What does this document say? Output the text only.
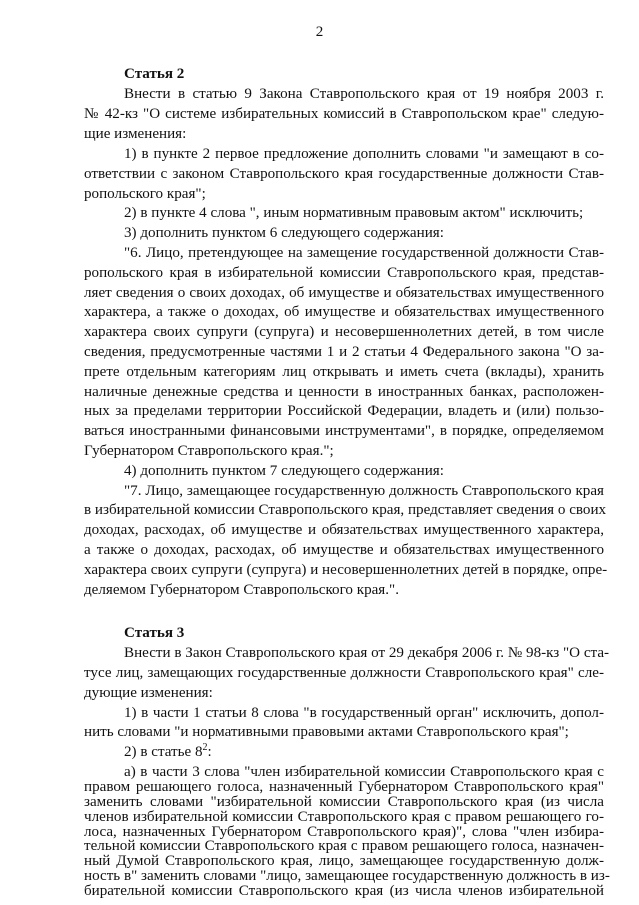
2
Статья 2
Внести в статью 9 Закона Ставропольского края от 19 ноября 2003 г.
№ 42-кз "О системе избирательных комиссий в Ставропольском крае" следую-
щие изменения:
1) в пункте 2 первое предложение дополнить словами "и замещают в со-
ответствии с законом Ставропольского края государственные должности Став-
ропольского края";
2) в пункте 4 слова ", иным нормативным правовым актом" исключить;
3) дополнить пунктом 6 следующего содержания:
"6. Лицо, претендующее на замещение государственной должности Став-
ропольского края в избирательной комиссии Ставропольского края, представ-
ляет сведения о своих доходах, об имуществе и обязательствах имущественного
характера, а также о доходах, об имуществе и обязательствах имущественного
характера своих супруги (супруга) и несовершеннолетних детей, в том числе
сведения, предусмотренные частями 1 и 2 статьи 4 Федерального закона "О за-
прете отдельным категориям лиц открывать и иметь счета (вклады), хранить
наличные денежные средства и ценности в иностранных банках, расположен-
ных за пределами территории Российской Федерации, владеть и (или) пользо-
ваться иностранными финансовыми инструментами", в порядке, определяемом
Губернатором Ставропольского края.";
4) дополнить пунктом 7 следующего содержания:
"7. Лицо, замещающее государственную должность Ставропольского края
в избирательной комиссии Ставропольского края, представляет сведения о своих
доходах, расходах, об имуществе и обязательствах имущественного характера,
а также о доходах, расходах, об имуществе и обязательствах имущественного
характера своих супруги (супруга) и несовершеннолетних детей в порядке, опре-
деляемом Губернатором Ставропольского края.".
Статья 3
Внести в Закон Ставропольского края от 29 декабря 2006 г. № 98-кз "О ста-
тусе лиц, замещающих государственные должности Ставропольского края" сле-
дующие изменения:
1) в части 1 статьи 8 слова "в государственный орган" исключить, допол-
нить словами "и нормативными правовыми актами Ставропольского края";
2) в статье $8^2$:
а) в части 3 слова "член избирательной комиссии Ставропольского края с
правом решающего голоса, назначенный Губернатором Ставропольского края"
заменить словами "избирательной комиссии Ставропольского края (из числа
членов избирательной комиссии Ставропольского края с правом решающего го-
лоса, назначенных Губернатором Ставропольского края)", слова "член избира-
тельной комиссии Ставропольского края с правом решающего голоса, назначен-
ный Думой Ставропольского края, лицо, замещающее государственную долж-
ность в" заменить словами "лицо, замещающее государственную должность в из-
бирательной комиссии Ставропольского края (из числа членов избирательной
